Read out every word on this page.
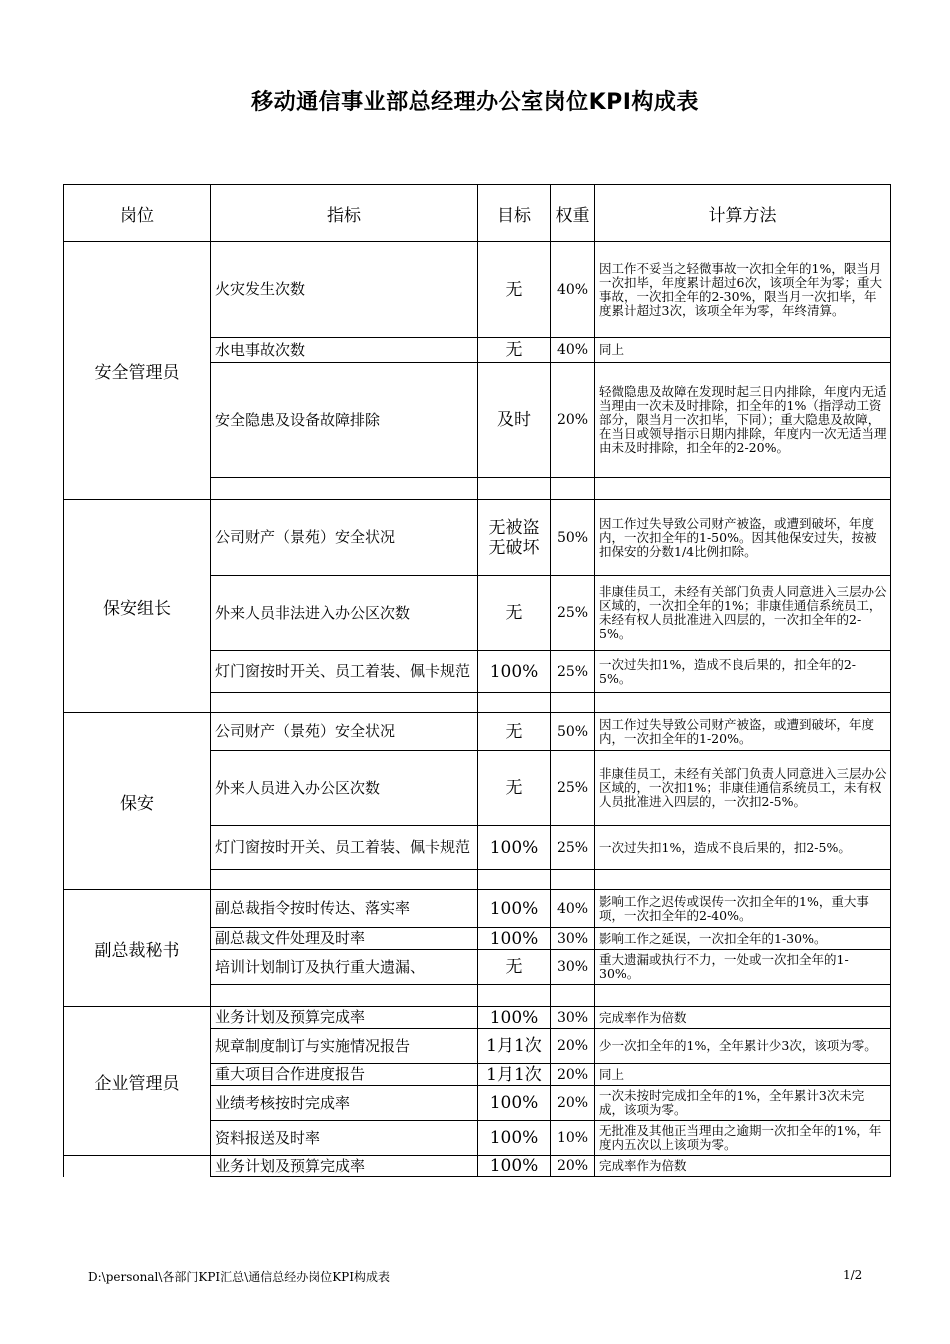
移动通信事业部总经理办公室岗位KPI构成表
岗位	指标	目标	权重	计算方法
安全管理员	火灾发生次数	无	40%	因工作不妥当之轻微事故一次扣全年的1%，限当月一次扣毕，年度累计超过6次，该项全年为零；重大事故，一次扣全年的2-30%，限当月一次扣毕，年度累计超过3次，该项全年为零，年终清算。
	水电事故次数	无	40%	同上
	安全隐患及设备故障排除	及时	20%	轻微隐患及故障在发现时起三日内排除，年度内无适当理由一次未及时排除，扣全年的1%（指浮动工资部分，限当月一次扣毕，下同）；重大隐患及故障，在当日或领导指示日期内排除，年度内一次无适当理由未及时排除，扣全年的2-20%。

保安组长	公司财产（景苑）安全状况	无被盗 无破坏	50%	因工作过失导致公司财产被盗，或遭到破坏，年度内，一次扣全年的1-50%。因其他保安过失，按被扣保安的分数1/4比例扣除。
	外来人员非法进入办公区次数	无	25%	非康佳员工，未经有关部门负责人同意进入三层办公区域的，一次扣全年的1%；非康佳通信系统员工，未经有权人员批准进入四层的，一次扣全年的2-5%。
	灯门窗按时开关、员工着装、佩卡规范	100%	25%	一次过失扣1%，造成不良后果的，扣全年的2-5%。

保安	公司财产（景苑）安全状况	无	50%	因工作过失导致公司财产被盗，或遭到破坏，年度内，一次扣全年的1-20%。
	外来人员进入办公区次数	无	25%	非康佳员工，未经有关部门负责人同意进入三层办公区域的，一次扣1%；非康佳通信系统员工，未有权人员批准进入四层的，一次扣2-5%。
	灯门窗按时开关、员工着装、佩卡规范	100%	25%	一次过失扣1%，造成不良后果的，扣2-5%。

副总裁秘书	副总裁指令按时传达、落实率	100%	40%	影响工作之迟传或误传一次扣全年的1%，重大事项，一次扣全年的2-40%。
	副总裁文件处理及时率	100%	30%	影响工作之延误，一次扣全年的1-30%。
	培训计划制订及执行重大遗漏、	无	30%	重大遗漏或执行不力，一处或一次扣全年的1-30%。

企业管理员	业务计划及预算完成率	100%	30%	完成率作为倍数
	规章制度制订与实施情况报告	1月1次	20%	少一次扣全年的1%，全年累计少3次，该项为零。
	重大项目合作进度报告	1月1次	20%	同上
	业绩考核按时完成率	100%	20%	一次未按时完成扣全年的1%，全年累计3次未完成，该项为零。
	资料报送及时率	100%	10%	无批准及其他正当理由之逾期一次扣全年的1%，年度内五次以上该项为零。
	业务计划及预算完成率	100%	20%	完成率作为倍数
D:\personal\各部门KPI汇总\通信总经办岗位KPI构成表	1/2
